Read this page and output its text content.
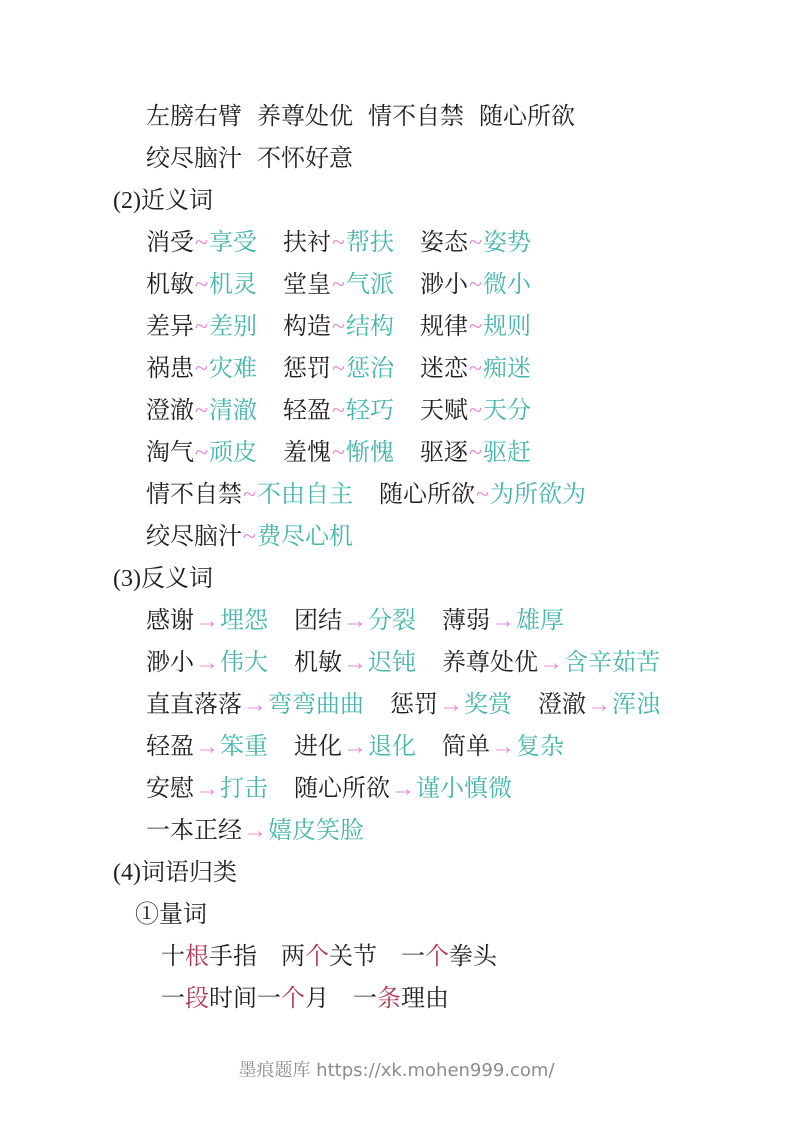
左膀右臂 养尊处优 情不自禁 随心所欲
绞尽脑汁 不怀好意
(2)近义词
消受~享受 扶衬~帮扶 姿态~姿势
机敏~机灵 堂皇~气派 渺小~微小
差异~差别 构造~结构 规律~规则
祸患~灾难 惩罚~惩治 迷恋~痴迷
澄澈~清澈 轻盈~轻巧 天赋~天分
淘气~顽皮 羞愧~惭愧 驱逐~驱赶
情不自禁~不由自主 随心所欲~为所欲为
绞尽脑汁~费尽心机
(3)反义词
感谢→埋怨 团结→分裂 薄弱→雄厚
渺小→伟大 机敏→迟钝 养尊处优→含辛茹苦
直直落落→弯弯曲曲 惩罚→奖赏 澄澈→浑浊
轻盈→笨重 进化→退化 简单→复杂
安慰→打击 随心所欲→谨小慎微
一本正经→嬉皮笑脸
(4)词语归类
①量词
十根手指 两个关节 一个拳头
一段时间一个月 一条理由
墨痕题库 https://xk.mohen999.com/
